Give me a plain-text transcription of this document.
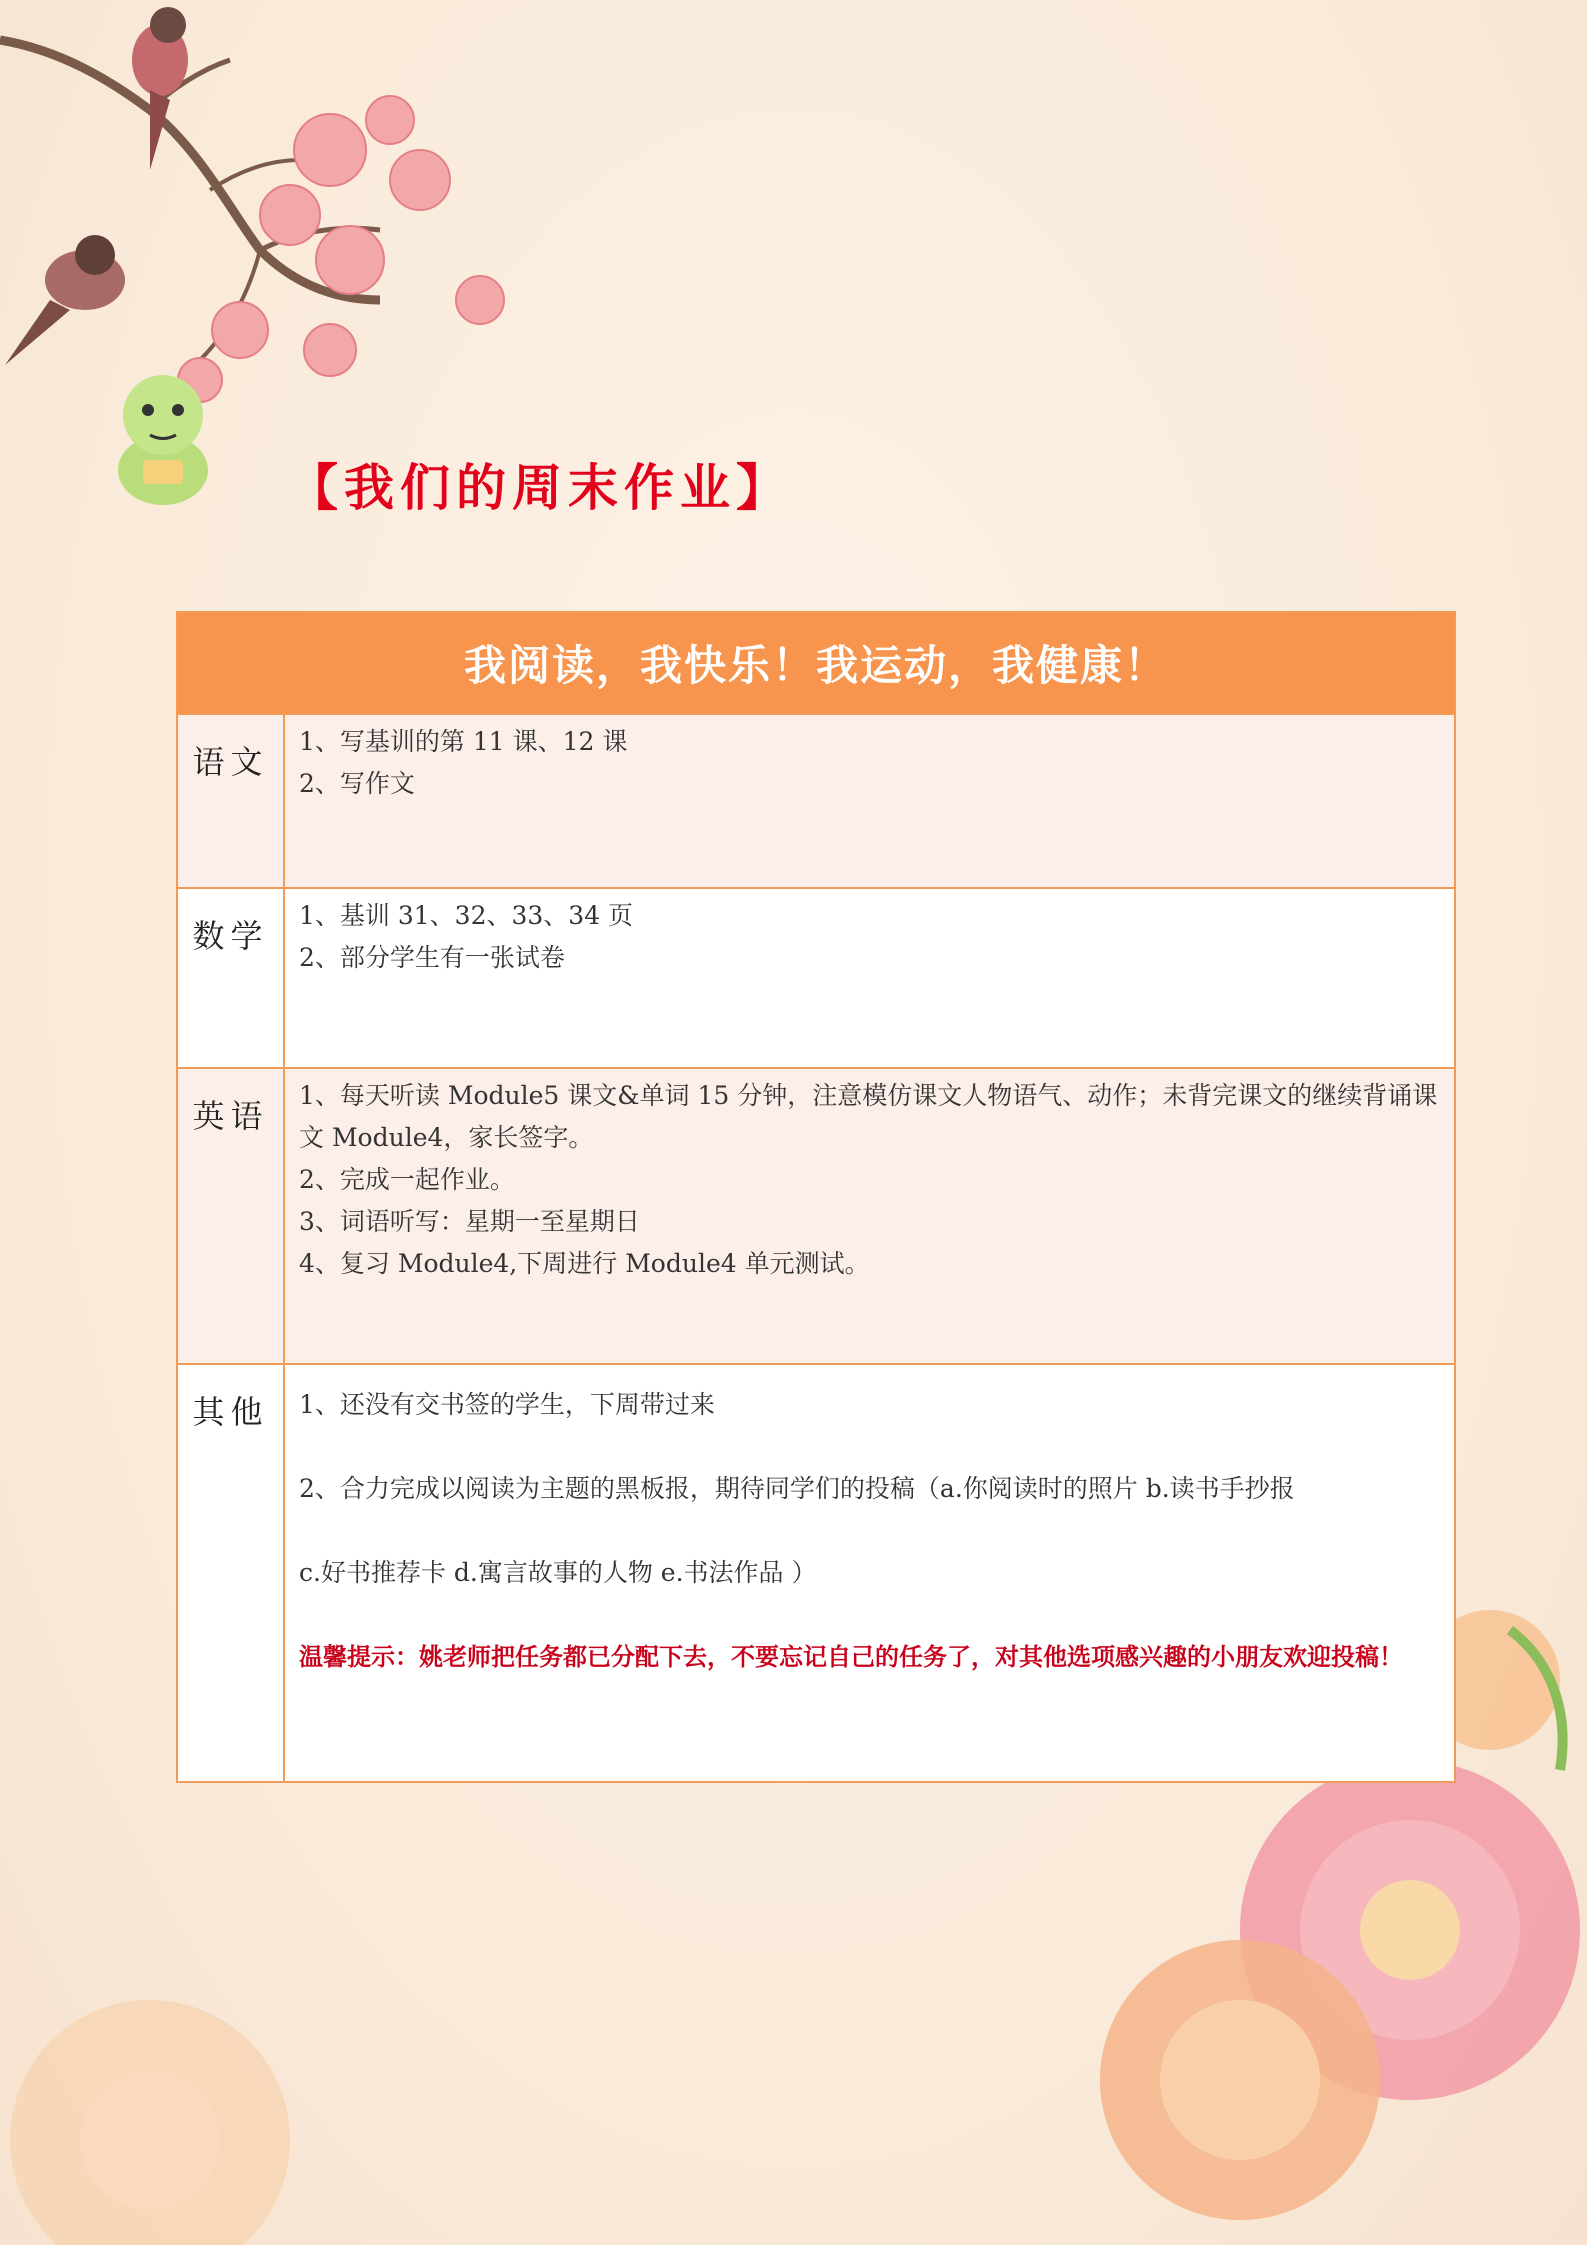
【我们的周末作业】
我阅读，我快乐！我运动，我健康！	
语文	1、写基训的第 11 课、12 课
2、写作文

数学	1、基训 31、32、33、34 页
2、部分学生有一张试卷

英语	1、每天听读 Module5 课文&单词 15 分钟，注意模仿课文人物语气、动作；未背完课文的继续背诵课文 Module4，家长签字。
2、完成一起作业。
3、词语听写：星期一至星期日
4、复习 Module4,下周进行 Module4 单元测试。

其他	1、还没有交书签的学生，下周带过来
2、合力完成以阅读为主题的黑板报，期待同学们的投稿（a.你阅读时的照片 b.读书手抄报
c.好书推荐卡 d.寓言故事的人物 e.书法作品 ）
温馨提示：姚老师把任务都已分配下去，不要忘记自己的任务了，对其他选项感兴趣的小朋友欢迎投稿！
